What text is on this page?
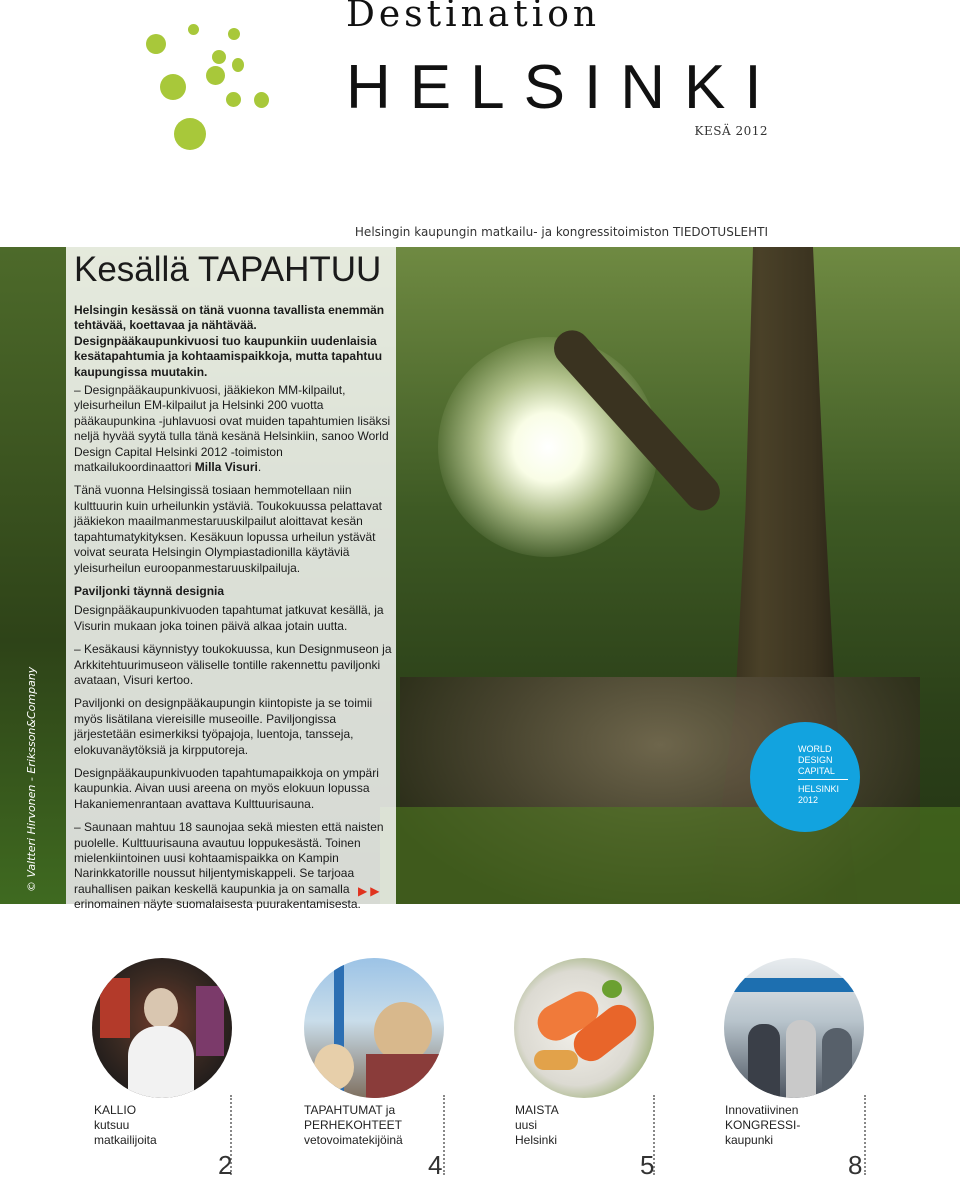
Destination
HELSINKI
KESÄ 2012
Helsingin kaupungin matkailu- ja kongressitoimiston TIEDOTUSLEHTI
© Valtteri Hirvonen - Eriksson&Company
Kesällä TAPAHTUU

Helsingin kesässä on tänä vuonna tavallista enemmän tehtävää, koettavaa ja nähtävää. Designpääkaupunkivuosi tuo kaupunkiin uudenlaisia kesätapahtumia ja kohtaamispaikkoja, mutta tapahtuu kaupungissa muutakin.

– Designpääkaupunkivuosi, jääkiekon MM-kilpailut, yleisurheilun EM-kilpailut ja Helsinki 200 vuotta pääkaupunkina -juhlavuosi ovat muiden tapahtumien lisäksi neljä hyvää syytä tulla tänä kesänä Helsinkiin, sanoo World Design Capital Helsinki 2012 -toimiston matkailukoordinaattori Milla Visuri.

Tänä vuonna Helsingissä tosiaan hemmotellaan niin kulttuurin kuin urheilunkin ystäviä. Toukokuussa pelattavat jääkiekon maailmanmestaruuskilpailut aloittavat kesän tapahtumatykityksen. Kesäkuun lopussa urheilun ystävät voivat seurata Helsingin Olympiastadionilla käytäviä yleisurheilun euroopanmestaruuskilpailuja.

Paviljonki täynnä designia

Designpääkaupunkivuoden tapahtumat jatkuvat kesällä, ja Visurin mukaan joka toinen päivä alkaa jotain uutta.

– Kesäkausi käynnistyy toukokuussa, kun Designmuseon ja Arkkitehtuurimuseon väliselle tontille rakennettu paviljonki avataan, Visuri kertoo.

Paviljonki on designpääkaupungin kiintopiste ja se toimii myös lisätilana viereisille museoille. Paviljongissa järjestetään esimerkiksi työpajoja, luentoja, tansseja, elokuvanäytöksiä ja kirpputoreja.

Designpääkaupunkivuoden tapahtumapaikkoja on ympäri kaupunkia. Aivan uusi areena on myös elokuun lopussa Hakaniemenrantaan avattava Kulttuurisauna.

– Saunaan mahtuu 18 saunojaa sekä miesten että naisten puolelle. Kulttuurisauna avautuu loppukesästä. Toinen mielenkiintoinen uusi kohtaamispaikka on Kampin Narinkkatorille noussut hiljentymiskappeli. Se tarjoaa rauhallisen paikan keskellä kaupunkia ja on samalla erinomainen näyte suomalaisesta puurakentamisesta.

▶▶
WORLD
DESIGN
CAPITAL
HELSINKI
2012
KALLIO
kutsuu
matkailijoita
2
TAPAHTUMAT ja
PERHEKOHTEET
vetovoimatekijöinä
4
MAISTA
uusi
Helsinki
5
Innovatiivinen
KONGRESSI-
kaupunki
8
